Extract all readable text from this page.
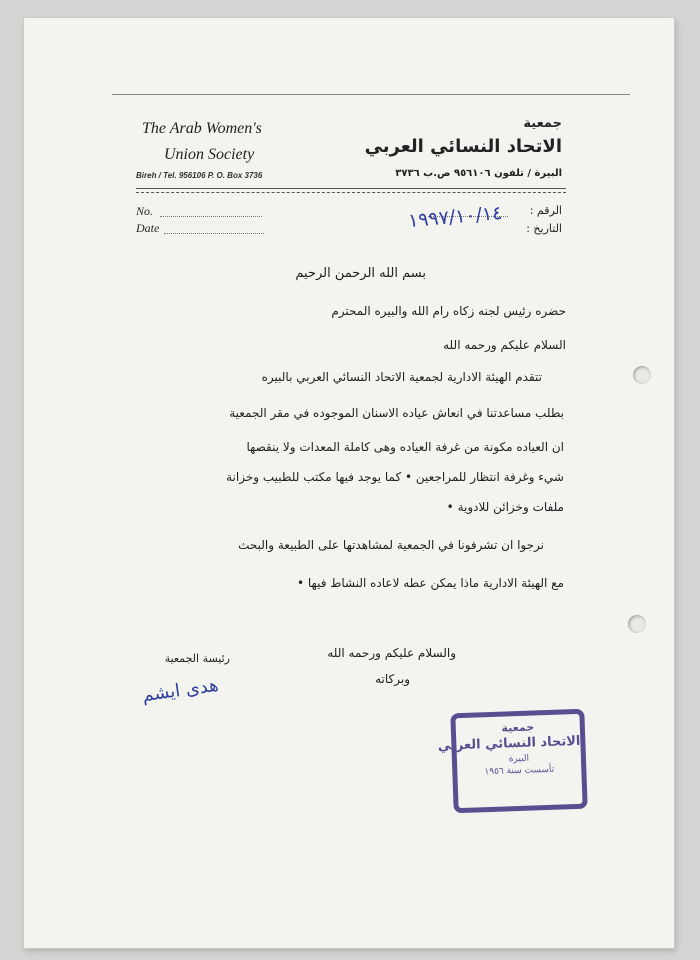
The Arab Women's
Union Society
Bireh / Tel. 956106 P. O. Box 3736
جمعية
الاتحاد النسائي العربي
البيرة / تلفون ٩٥٦١٠٦ ص.ب ٣٧٣٦
No.
Date
الرقم :
التاريخ :
١٩٩٧/١٠/١٤
بسم الله الرحمن الرحيم
حضره رئيس لجنه زكاه رام الله والبيره المحترم
السلام عليكم ورحمه الله
تتقدم الهيئة الادارية لجمعية الاتحاد النسائي العربي بالبيره
بطلب مساعدتنا في انعاش عياده الاسنان الموجوده في مقر الجمعية
ان العياده مكونة من غرفة العياده وهى كاملة المعدات ولا ينقصها
شيء وغرفة انتظار للمراجعين • كما يوجد فيها مكتب للطبيب وخزانة
ملفات وخزائن للادوية •
نرجوا ان تشرفونا في الجمعية لمشاهدتها على الطبيعة والبحث
مع الهيئة الادارية ماذا يمكن عطه لاعاده النشاط فيها •
والسلام عليكم ورحمه الله
وبركاته
رئيسة الجمعية
هدى ايشم
جمعية
الاتحاد النسائي العربي
البيرة
تأسست سنة ١٩٥٦
